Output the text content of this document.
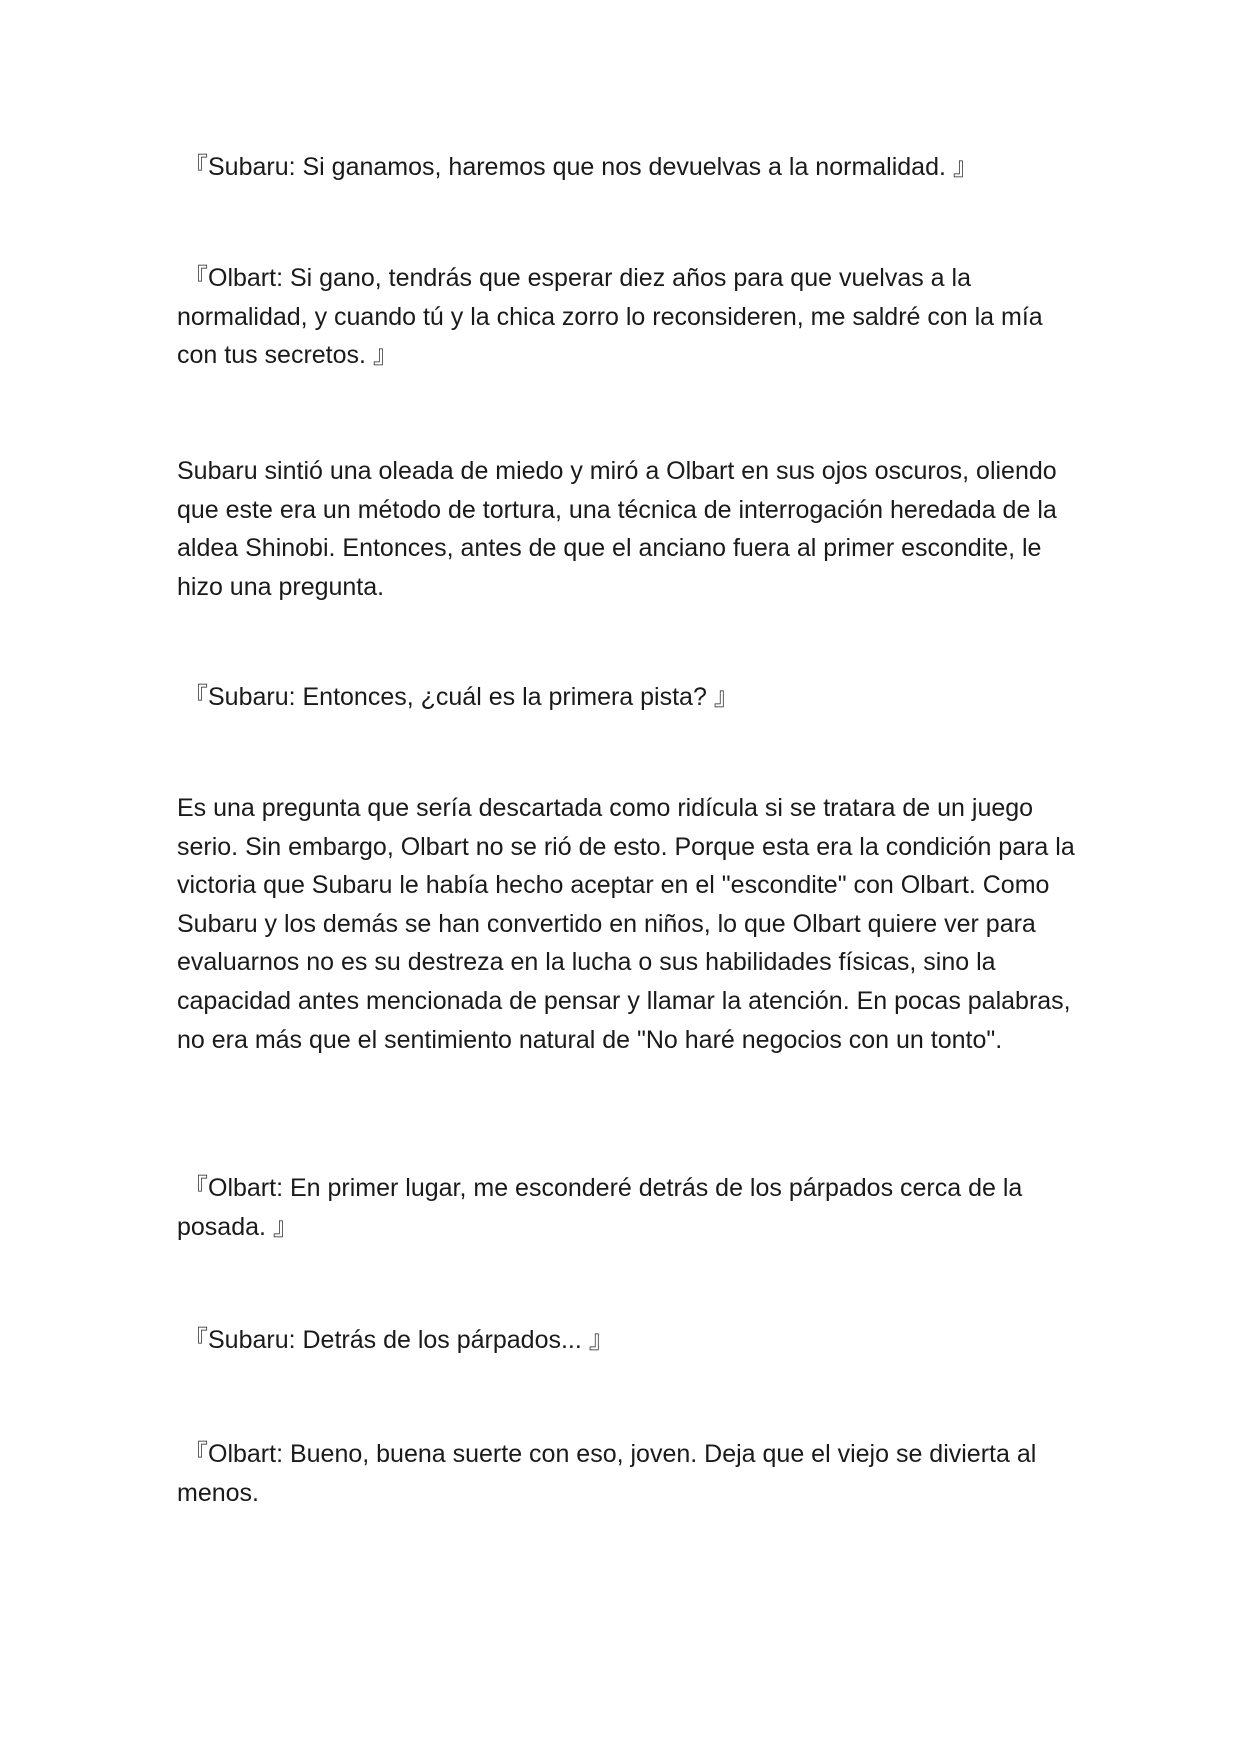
『Subaru: Si ganamos, haremos que nos devuelvas a la normalidad. 』

『Olbart: Si gano, tendrás que esperar diez años para que vuelvas a la normalidad, y cuando tú y la chica zorro lo reconsideren, me saldré con la mía con tus secretos. 』

Subaru sintió una oleada de miedo y miró a Olbart en sus ojos oscuros, oliendo que este era un método de tortura, una técnica de interrogación heredada de la aldea Shinobi. Entonces, antes de que el anciano fuera al primer escondite, le hizo una pregunta.

『Subaru: Entonces, ¿cuál es la primera pista? 』

Es una pregunta que sería descartada como ridícula si se tratara de un juego serio. Sin embargo, Olbart no se rió de esto. Porque esta era la condición para la victoria que Subaru le había hecho aceptar en el "escondite" con Olbart. Como Subaru y los demás se han convertido en niños, lo que Olbart quiere ver para evaluarnos no es su destreza en la lucha o sus habilidades físicas, sino la capacidad antes mencionada de pensar y llamar la atención. En pocas palabras, no era más que el sentimiento natural de "No haré negocios con un tonto".

『Olbart: En primer lugar, me esconderé detrás de los párpados cerca de la posada. 』

『Subaru: Detrás de los párpados... 』

『Olbart: Bueno, buena suerte con eso, joven. Deja que el viejo se divierta al menos.
